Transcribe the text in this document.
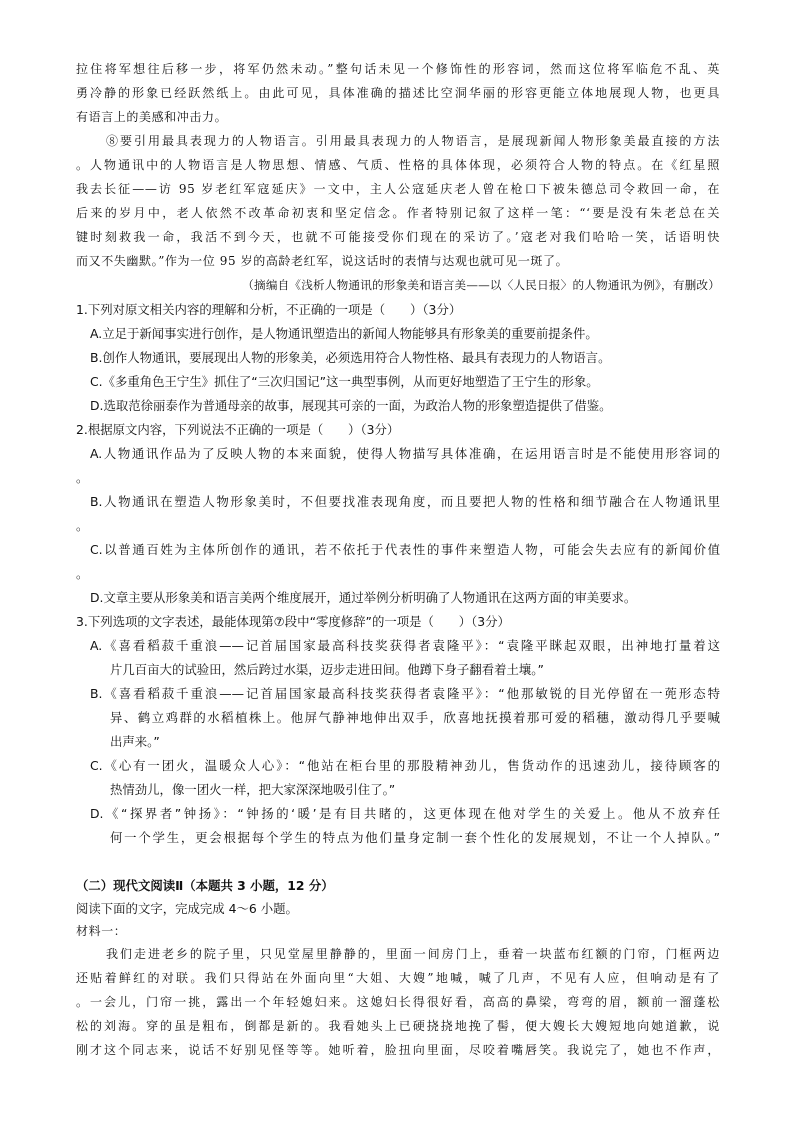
拉住将军想往后移一步，将军仍然未动。”整句话未见一个修饰性的形容词，然而这位将军临危不乱、英
勇冷静的形象已经跃然纸上。由此可见，具体准确的描述比空洞华丽的形容更能立体地展现人物，也更具
有语言上的美感和冲击力。
⑧要引用最具表现力的人物语言。引用最具表现力的人物语言，是展现新闻人物形象美最直接的方法
。人物通讯中的人物语言是人物思想、情感、气质、性格的具体体现，必须符合人物的特点。在《红星照
我去长征——访 95 岁老红军寇延庆》一文中，主人公寇延庆老人曾在枪口下被朱德总司令救回一命，在
后来的岁月中，老人依然不改革命初衷和坚定信念。作者特别记叙了这样一笔：“‘要是没有朱老总在关
键时刻救我一命，我活不到今天，也就不可能接受你们现在的采访了。’寇老对我们哈哈一笑，话语明快
而又不失幽默。”作为一位 95 岁的高龄老红军，说这话时的表情与达观也就可见一斑了。
（摘编自《浅析人物通讯的形象美和语言美——以〈人民日报〉的人物通讯为例》，有删改）
1.下列对原文相关内容的理解和分析，不正确的一项是（　　）（3分）
A.立足于新闻事实进行创作，是人物通讯塑造出的新闻人物能够具有形象美的重要前提条件。
B.创作人物通讯，要展现出人物的形象美，必须选用符合人物性格、最具有表现力的人物语言。
C.《多重角色王宁生》抓住了“三次归国记”这一典型事例，从而更好地塑造了王宁生的形象。
D.选取范徐丽泰作为普通母亲的故事，展现其可亲的一面，为政治人物的形象塑造提供了借鉴。
2.根据原文内容，下列说法不正确的一项是（　　）（3分）
A.人物通讯作品为了反映人物的本来面貌，使得人物描写具体准确，在运用语言时是不能使用形容词的
。
B.人物通讯在塑造人物形象美时，不但要找准表现角度，而且要把人物的性格和细节融合在人物通讯里
。
C.以普通百姓为主体所创作的通讯，若不依托于代表性的事件来塑造人物，可能会失去应有的新闻价值
。
D.文章主要从形象美和语言美两个维度展开，通过举例分析明确了人物通讯在这两方面的审美要求。
3.下列选项的文字表述，最能体现第⑦段中“零度修辞”的一项是（　　）（3分）
A.《喜看稻菽千重浪——记首届国家最高科技奖获得者袁隆平》：“袁隆平眯起双眼，出神地打量着这
片几百亩大的试验田，然后跨过水渠，迈步走进田间。他蹲下身子翻看着土壤。”
B.《喜看稻菽千重浪——记首届国家最高科技奖获得者袁隆平》：“他那敏锐的目光停留在一蔸形态特
异、鹤立鸡群的水稻植株上。他屏气静神地伸出双手，欣喜地抚摸着那可爱的稻穗，激动得几乎要喊
出声来。”
C.《心有一团火，温暖众人心》：“他站在柜台里的那股精神劲儿，售货动作的迅速劲儿，接待顾客的
热情劲儿，像一团火一样，把大家深深地吸引住了。”
D.《“探界者”钟扬》：“钟扬的‘暖’是有目共睹的，这更体现在他对学生的关爱上。他从不放弃任
何一个学生，更会根据每个学生的特点为他们量身定制一套个性化的发展规划，不让一个人掉队。”
（二）现代文阅读Ⅱ（本题共 3 小题，12 分）
阅读下面的文字，完成完成 4～6 小题。
材料一：
我们走进老乡的院子里，只见堂屋里静静的，里面一间房门上，垂着一块蓝布红额的门帘，门框两边
还贴着鲜红的对联。我们只得站在外面向里“大姐、大嫂”地喊，喊了几声，不见有人应，但响动是有了
。一会儿，门帘一挑，露出一个年轻媳妇来。这媳妇长得很好看，高高的鼻梁，弯弯的眉，额前一溜蓬松
松的刘海。穿的虽是粗布，倒都是新的。我看她头上已硬挠挠地挽了髻，便大嫂长大嫂短地向她道歉，说
刚才这个同志来，说话不好别见怪等等。她听着，脸扭向里面，尽咬着嘴唇笑。我说完了，她也不作声，
